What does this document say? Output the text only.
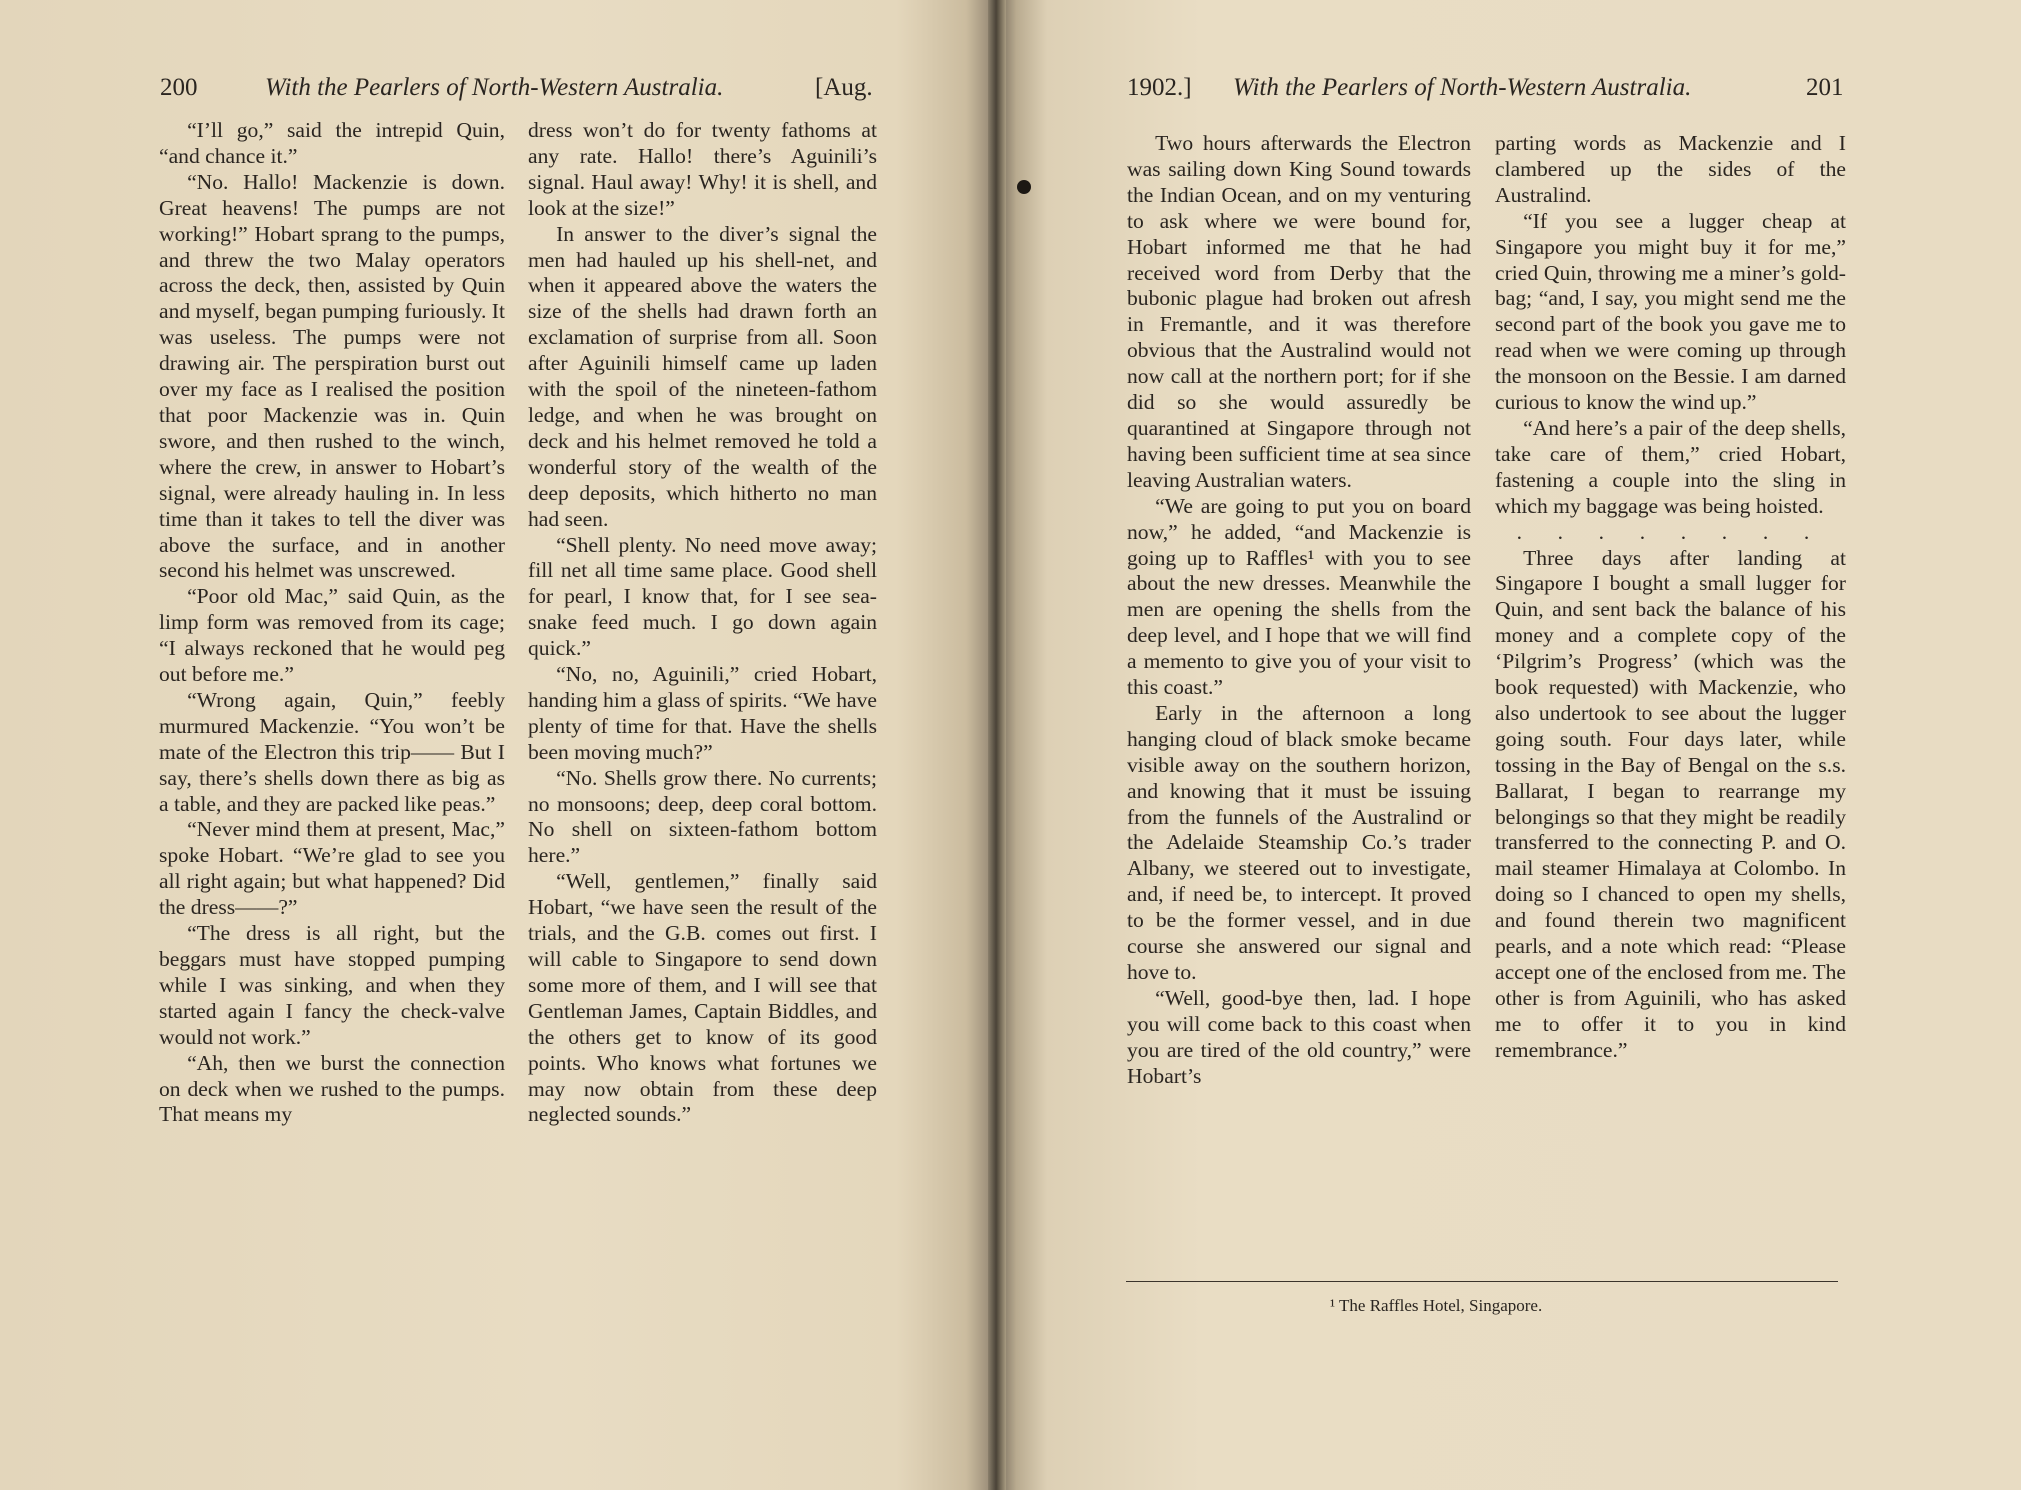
200	With the Pearlers of North-Western Australia.	[Aug.

“I’ll go,” said the intrepid Quin, “and chance it.”

“No. Hallo! Mackenzie is down. Great heavens! The pumps are not working!” Hobart sprang to the pumps, and threw the two Malay operators across the deck, then, assisted by Quin and myself, began pumping furiously. It was useless. The pumps were not drawing air. The perspiration burst out over my face as I realised the position that poor Mackenzie was in. Quin swore, and then rushed to the winch, where the crew, in answer to Hobart’s signal, were already hauling in. In less time than it takes to tell the diver was above the surface, and in another second his helmet was unscrewed.

“Poor old Mac,” said Quin, as the limp form was removed from its cage; “I always reckoned that he would peg out before me.”

“Wrong again, Quin,” feebly murmured Mackenzie. “You won’t be mate of the Electron this trip—— But I say, there’s shells down there as big as a table, and they are packed like peas.”

“Never mind them at present, Mac,” spoke Hobart. “We’re glad to see you all right again; but what happened? Did the dress——?”

“The dress is all right, but the beggars must have stopped pumping while I was sinking, and when they started again I fancy the check-valve would not work.”

“Ah, then we burst the connection on deck when we rushed to the pumps. That means my

dress won’t do for twenty fathoms at any rate. Hallo! there’s Aguinili’s signal. Haul away! Why! it is shell, and look at the size!”

In answer to the diver’s signal the men had hauled up his shell-net, and when it appeared above the waters the size of the shells had drawn forth an exclamation of surprise from all. Soon after Aguinili himself came up laden with the spoil of the nineteen-fathom ledge, and when he was brought on deck and his helmet removed he told a wonderful story of the wealth of the deep deposits, which hitherto no man had seen.

“Shell plenty. No need move away; fill net all time same place. Good shell for pearl, I know that, for I see sea-snake feed much. I go down again quick.”

“No, no, Aguinili,” cried Hobart, handing him a glass of spirits. “We have plenty of time for that. Have the shells been moving much?”

“No. Shells grow there. No currents; no monsoons; deep, deep coral bottom. No shell on sixteen-fathom bottom here.”

“Well, gentlemen,” finally said Hobart, “we have seen the result of the trials, and the G.B. comes out first. I will cable to Singapore to send down some more of them, and I will see that Gentleman James, Captain Biddles, and the others get to know of its good points. Who knows what fortunes we may now obtain from these deep neglected sounds.”

1902.] With the Pearlers of North-Western Australia.	201

Two hours afterwards the Electron was sailing down King Sound towards the Indian Ocean, and on my venturing to ask where we were bound for, Hobart informed me that he had received word from Derby that the bubonic plague had broken out afresh in Fremantle, and it was therefore obvious that the Australind would not now call at the northern port; for if she did so she would assuredly be quarantined at Singapore through not having been sufficient time at sea since leaving Australian waters.

“We are going to put you on board now,” he added, “and Mackenzie is going up to Raffles¹ with you to see about the new dresses. Meanwhile the men are opening the shells from the deep level, and I hope that we will find a memento to give you of your visit to this coast.”

Early in the afternoon a long hanging cloud of black smoke became visible away on the southern horizon, and knowing that it must be issuing from the funnels of the Australind or the Adelaide Steamship Co.’s trader Albany, we steered out to investigate, and, if need be, to intercept. It proved to be the former vessel, and in due course she answered our signal and hove to.

“Well, good-bye then, lad. I hope you will come back to this coast when you are tired of the old country,” were Hobart’s

parting words as Mackenzie and I clambered up the sides of the Australind.

“If you see a lugger cheap at Singapore you might buy it for me,” cried Quin, throwing me a miner’s gold-bag; “and, I say, you might send me the second part of the book you gave me to read when we were coming up through the monsoon on the Bessie. I am darned curious to know the wind up.”

“And here’s a pair of the deep shells, take care of them,” cried Hobart, fastening a couple into the sling in which my baggage was being hoisted.

. . . . . . . .

Three days after landing at Singapore I bought a small lugger for Quin, and sent back the balance of his money and a complete copy of the ‘Pilgrim’s Progress’ (which was the book requested) with Mackenzie, who also undertook to see about the lugger going south. Four days later, while tossing in the Bay of Bengal on the s.s. Ballarat, I began to rearrange my belongings so that they might be readily transferred to the connecting P. and O. mail steamer Himalaya at Colombo. In doing so I chanced to open my shells, and found therein two magnificent pearls, and a note which read: “Please accept one of the enclosed from me. The other is from Aguinili, who has asked me to offer it to you in kind remembrance.”

¹ The Raffles Hotel, Singapore.
